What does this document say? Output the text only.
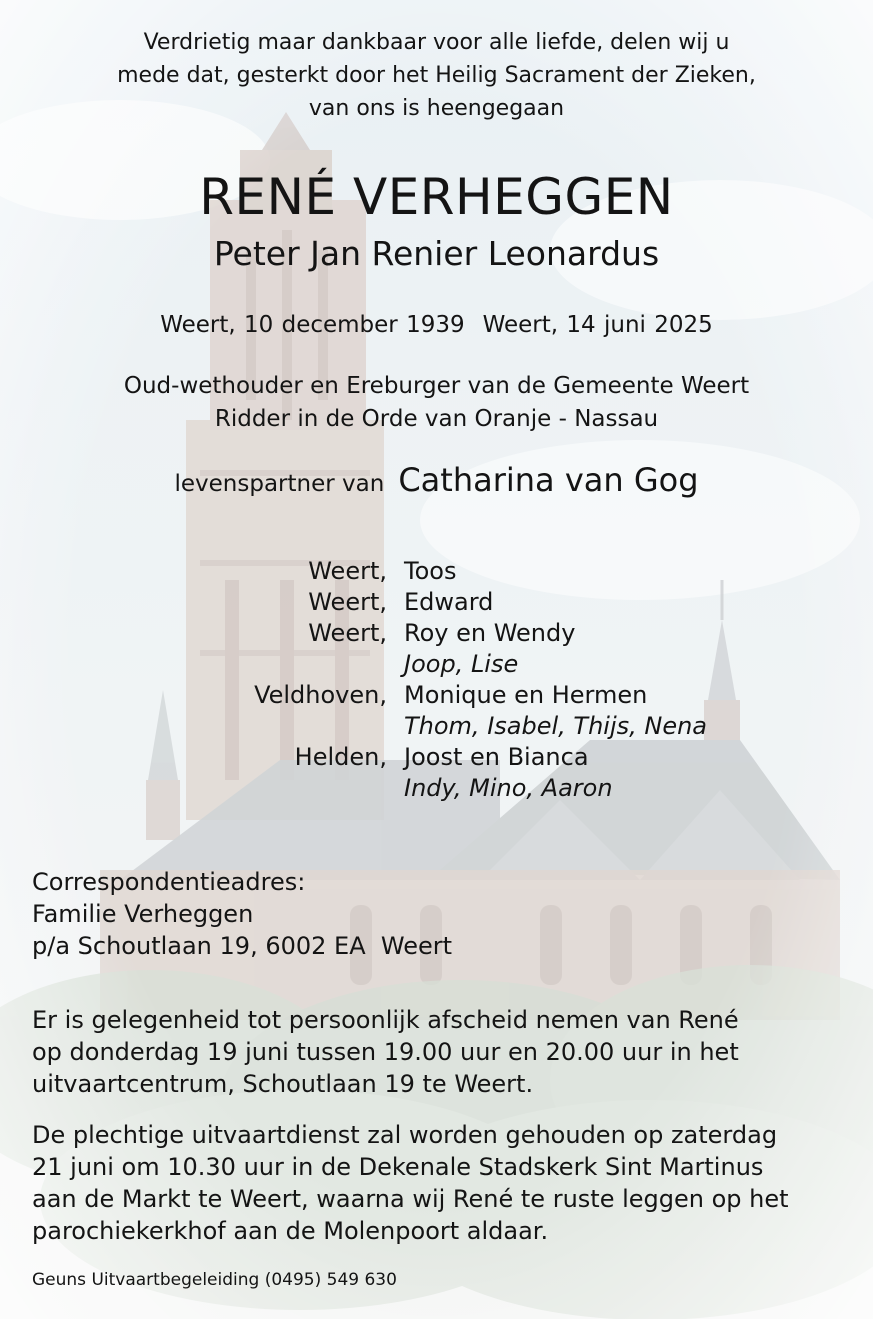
Verdrietig maar dankbaar voor alle liefde, delen wij u
mede dat, gesterkt door het Heilig Sacrament der Zieken,
van ons is heengegaan
RENÉ VERHEGGEN
Peter Jan Renier Leonardus
Weert, 10 december 1939 Weert, 14 juni 2025
Oud-wethouder en Ereburger van de Gemeente Weert
Ridder in de Orde van Oranje - Nassau
levenspartner van Catharina van Gog
Weert, Toos
Weert, Edward
Weert, Roy en Wendy
Joop, Lise
Veldhoven, Monique en Hermen
Thom, Isabel, Thijs, Nena
Helden, Joost en Bianca
Indy, Mino, Aaron
Correspondentieadres:
Familie Verheggen
p/a Schoutlaan 19, 6002 EA  Weert
Er is gelegenheid tot persoonlijk afscheid nemen van René
op donderdag 19 juni tussen 19.00 uur en 20.00 uur in het
uitvaartcentrum, Schoutlaan 19 te Weert.
De plechtige uitvaartdienst zal worden gehouden op zaterdag
21 juni om 10.30 uur in de Dekenale Stadskerk Sint Martinus
aan de Markt te Weert, waarna wij René te ruste leggen op het
parochiekerkhof aan de Molenpoort aldaar.
Geuns Uitvaartbegeleiding (0495) 549 630
